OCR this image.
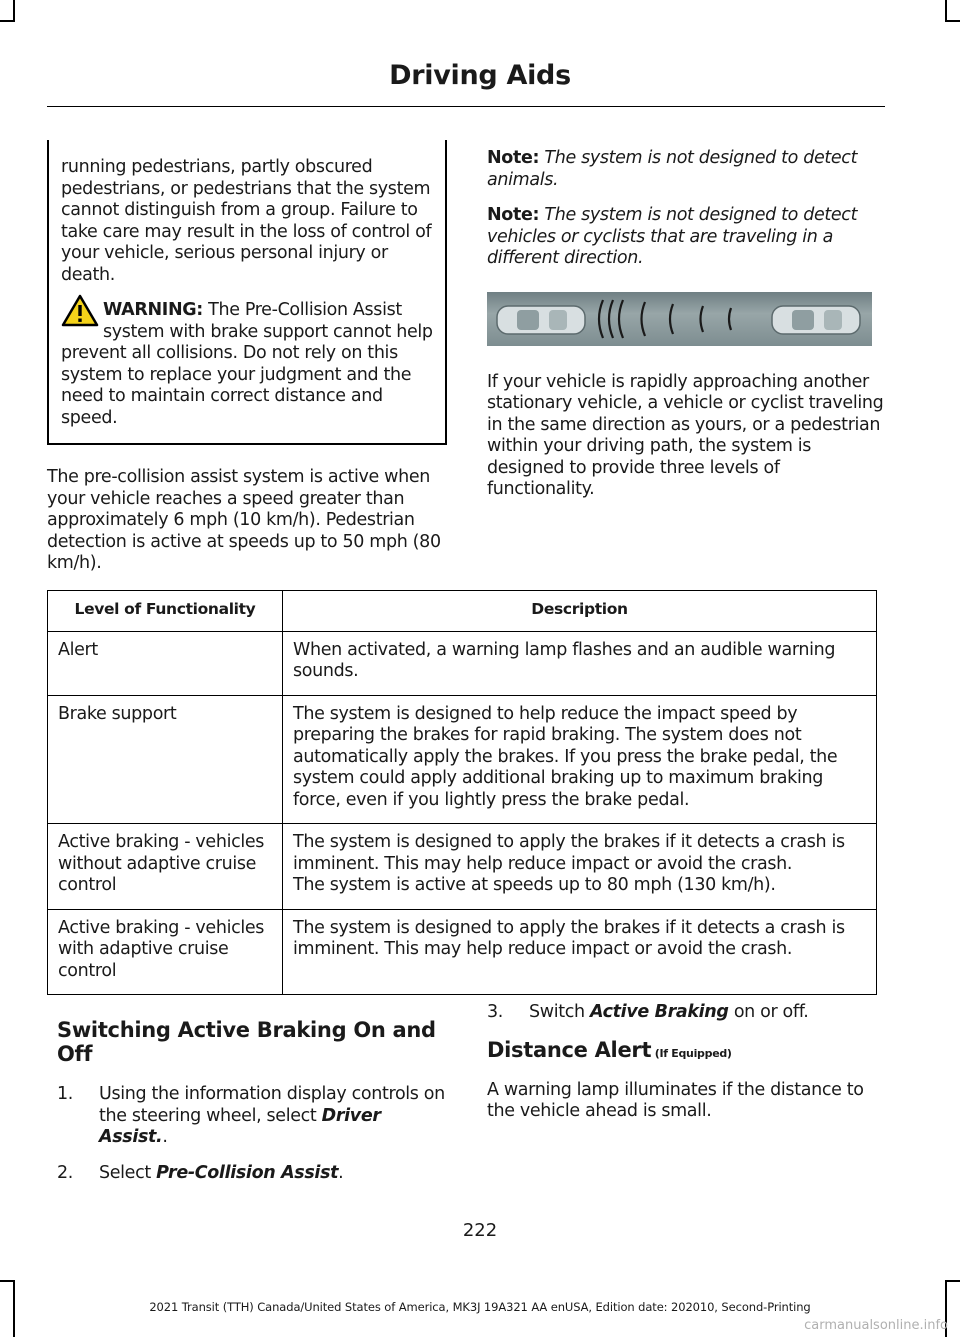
Driving Aids

running pedestrians, partly obscured pedestrians, or pedestrians that the system cannot distinguish from a group. Failure to take care may result in the loss of control of your vehicle, serious personal injury or death.

WARNING: The Pre-Collision Assist system with brake support cannot help prevent all collisions. Do not rely on this system to replace your judgment and the need to maintain correct distance and speed.

The pre-collision assist system is active when your vehicle reaches a speed greater than approximately 6 mph (10 km/h). Pedestrian detection is active at speeds up to 50 mph (80 km/h).

Note: The system is not designed to detect animals.

Note: The system is not designed to detect vehicles or cyclists that are traveling in a different direction.

If your vehicle is rapidly approaching another stationary vehicle, a vehicle or cyclist traveling in the same direction as yours, or a pedestrian within your driving path, the system is designed to provide three levels of functionality.

Level of Functionality	Description
Alert	When activated, a warning lamp flashes and an audible warning sounds.
Brake support	The system is designed to help reduce the impact speed by preparing the brakes for rapid braking. The system does not automatically apply the brakes. If you press the brake pedal, the system could apply additional braking up to maximum braking force, even if you lightly press the brake pedal.
Active braking - vehicles without adaptive cruise control	The system is designed to apply the brakes if it detects a crash is imminent. This may help reduce impact or avoid the crash.
The system is active at speeds up to 80 mph (130 km/h).

Active braking - vehicles with adaptive cruise control	The system is designed to apply the brakes if it detects a crash is imminent. This may help reduce impact or avoid the crash.

Switching Active Braking On and Off

1. Using the information display controls on the steering wheel, select Driver Assist..
2. Select Pre-Collision Assist.
3. Switch Active Braking on or off.

Distance Alert (If Equipped)

A warning lamp illuminates if the distance to the vehicle ahead is small.

222
2021 Transit (TTH) Canada/United States of America, MK3J 19A321 AA enUSA, Edition date: 202010, Second-Printing
carmanualsonline.info
